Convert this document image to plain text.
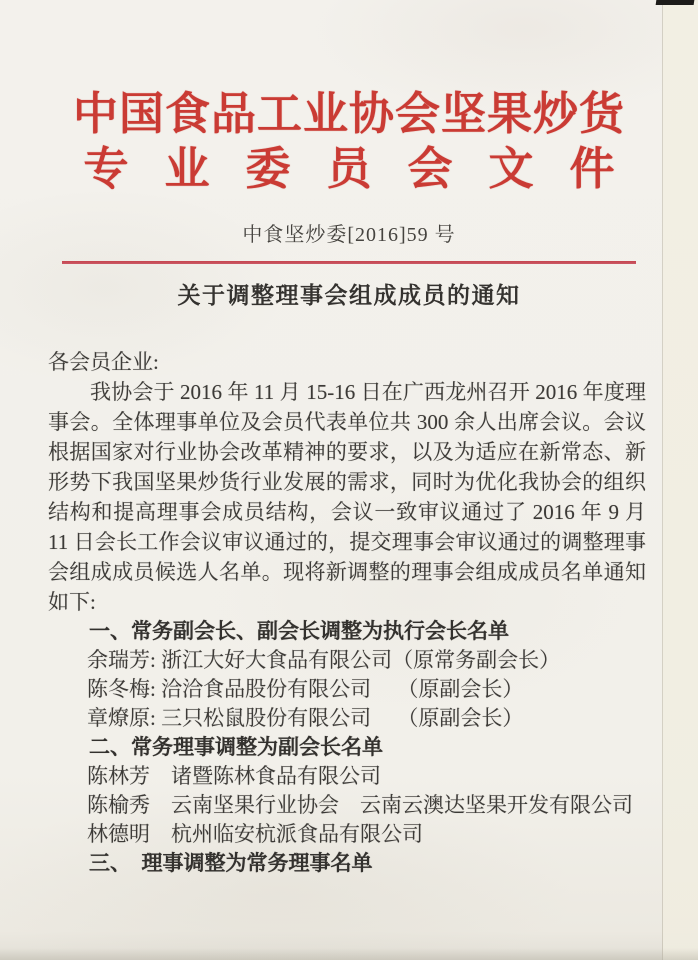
中国食品工业协会坚果炒货
专业委员会文件
中食坚炒委[2016]59 号
关于调整理事会组成成员的通知
各会员企业:

我协会于 2016 年 11 月 15-16 日在广西龙州召开 2016 年度理事会。全体理事单位及会员代表单位共 300 余人出席会议。会议根据国家对行业协会改革精神的要求，以及为适应在新常态、新形势下我国坚果炒货行业发展的需求，同时为优化我协会的组织结构和提高理事会成员结构，会议一致审议通过了 2016 年 9 月 11 日会长工作会议审议通过的，提交理事会审议通过的调整理事会组成成员候选人名单。现将新调整的理事会组成成员名单通知如下:

一、常务副会长、副会长调整为执行会长名单
余瑞芳: 浙江大好大食品有限公司（原常务副会长）
陈冬梅: 洽洽食品股份有限公司　 （原副会长）
章燎原: 三只松鼠股份有限公司　 （原副会长）
二、常务理事调整为副会长名单
陈林芳　诸暨陈林食品有限公司
陈榆秀　云南坚果行业协会　云南云澳达坚果开发有限公司
林德明　杭州临安杭派食品有限公司
三、　理事调整为常务理事名单
